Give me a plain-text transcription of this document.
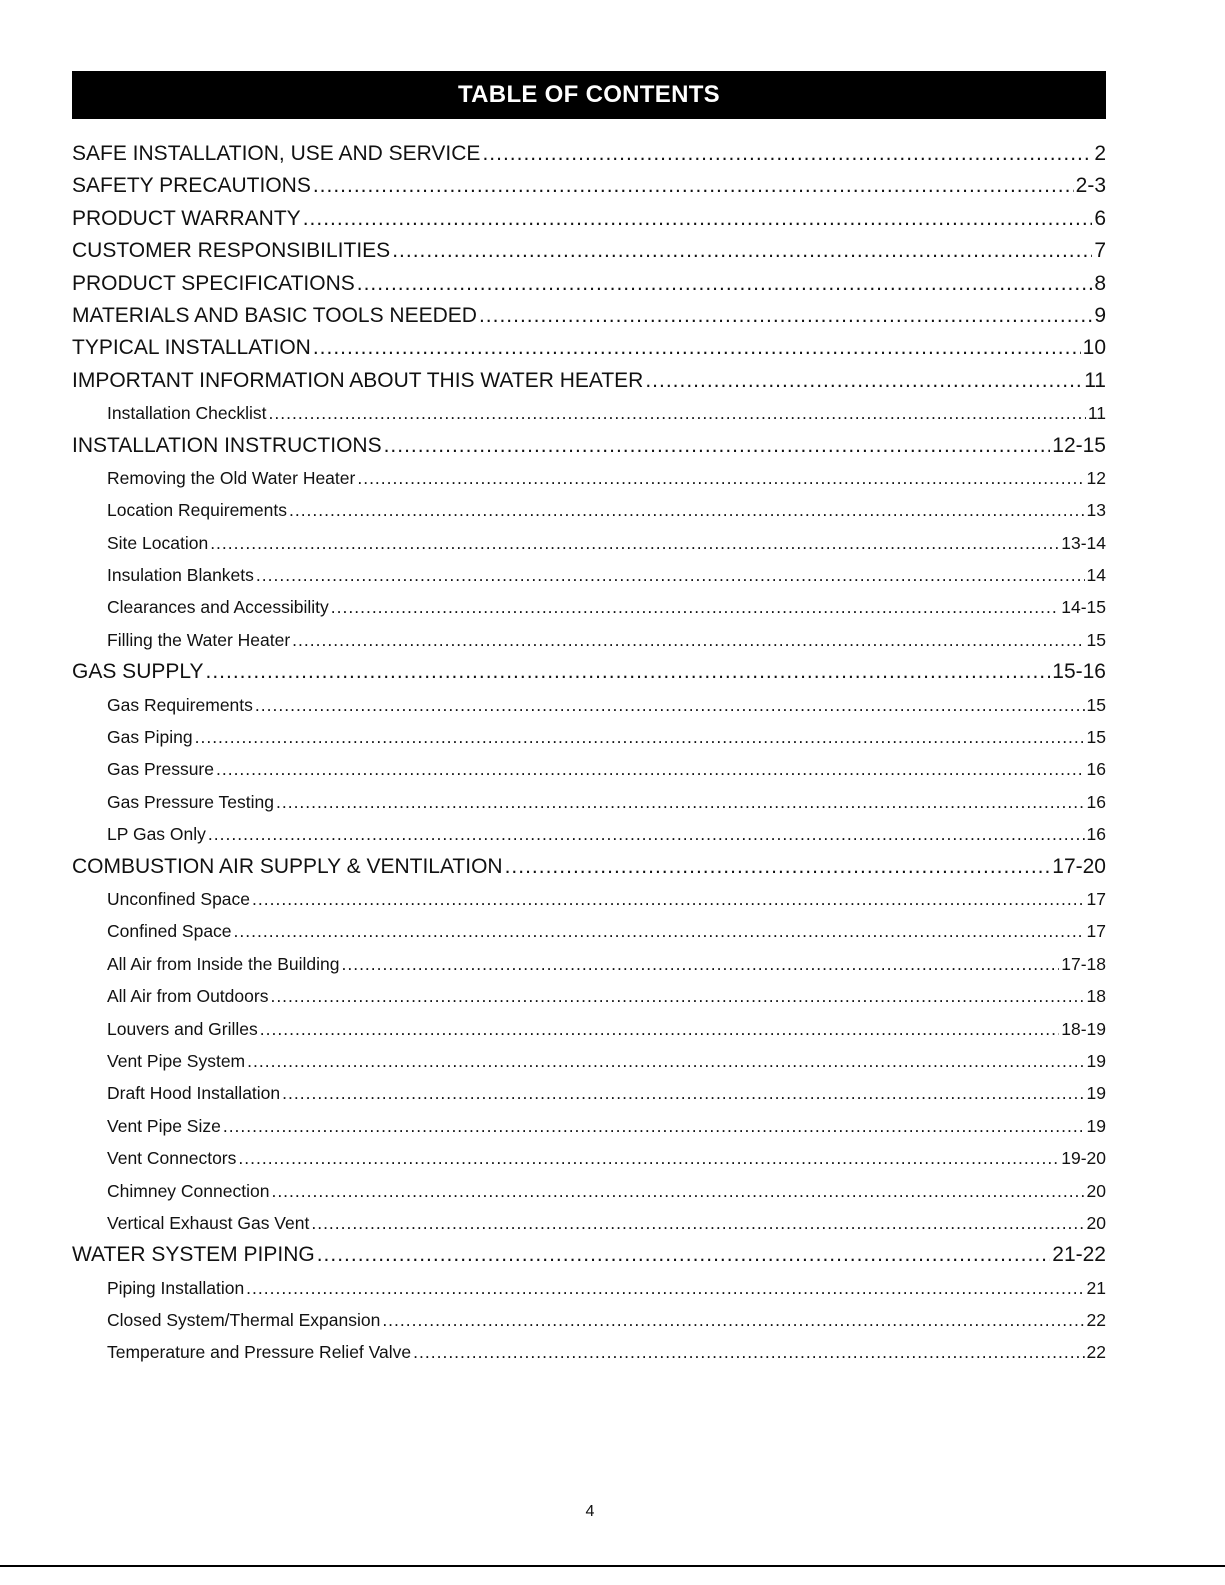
TABLE OF CONTENTS
SAFE INSTALLATION, USE AND SERVICE .....	2
SAFETY PRECAUTIONS .....	2-3
PRODUCT WARRANTY .....	6
CUSTOMER RESPONSIBILITIES .....	7
PRODUCT SPECIFICATIONS .....	8
MATERIALS AND BASIC TOOLS NEEDED .....	9
TYPICAL INSTALLATION .....	10
IMPORTANT INFORMATION ABOUT THIS WATER HEATER .....	11
Installation Checklist .....	11
INSTALLATION INSTRUCTIONS .....	12-15
Removing the Old Water Heater .....	12
Location Requirements .....	13
Site Location .....	13-14
Insulation Blankets .....	14
Clearances and Accessibility .....	14-15
Filling the Water Heater .....	15
GAS SUPPLY .....	15-16
Gas Requirements .....	15
Gas Piping .....	15
Gas Pressure .....	16
Gas Pressure Testing .....	16
LP Gas Only .....	16
COMBUSTION AIR SUPPLY & VENTILATION .....	17-20
Unconfined Space .....	17
Confined Space .....	17
All Air from Inside the Building .....	17-18
All Air from Outdoors .....	18
Louvers and Grilles .....	18-19
Vent Pipe System .....	19
Draft Hood Installation .....	19
Vent Pipe Size .....	19
Vent Connectors .....	19-20
Chimney Connection .....	20
Vertical Exhaust Gas Vent .....	20
WATER SYSTEM PIPING .....	21-22
Piping Installation .....	21
Closed System/Thermal Expansion .....	22
Temperature and Pressure Relief Valve .....	22
4
